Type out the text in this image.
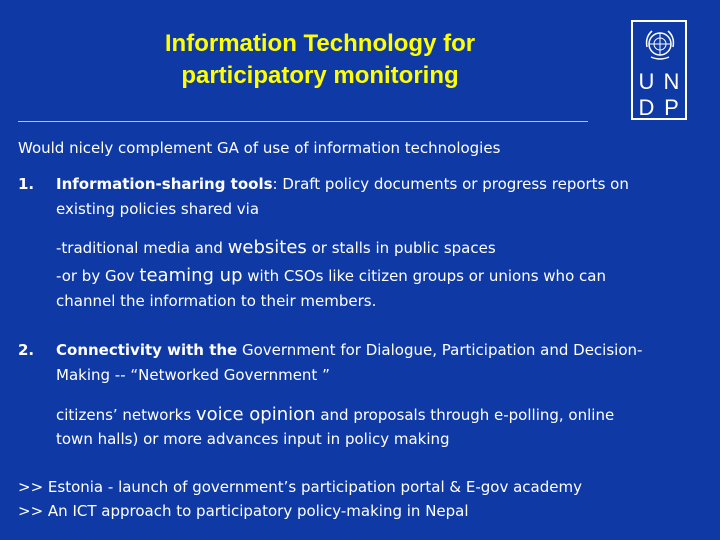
Information Technology for
participatory monitoring	U N
D P
Would nicely complement GA of use of information technologies
1. Information-sharing tools: Draft policy documents or progress reports on
existing policies shared via
-traditional media and websites or stalls in public spaces
-or by Gov teaming up with CSOs like citizen groups or unions who can
channel the information to their members.
2. Connectivity with the Government for Dialogue, Participation and Decision-
Making -- “Networked Government ”
citizens’ networks voice opinion and proposals through e-polling, online
town halls) or more advances input in policy making
>> Estonia - launch of government’s participation portal & E-gov academy
>> An ICT approach to participatory policy-making in Nepal
